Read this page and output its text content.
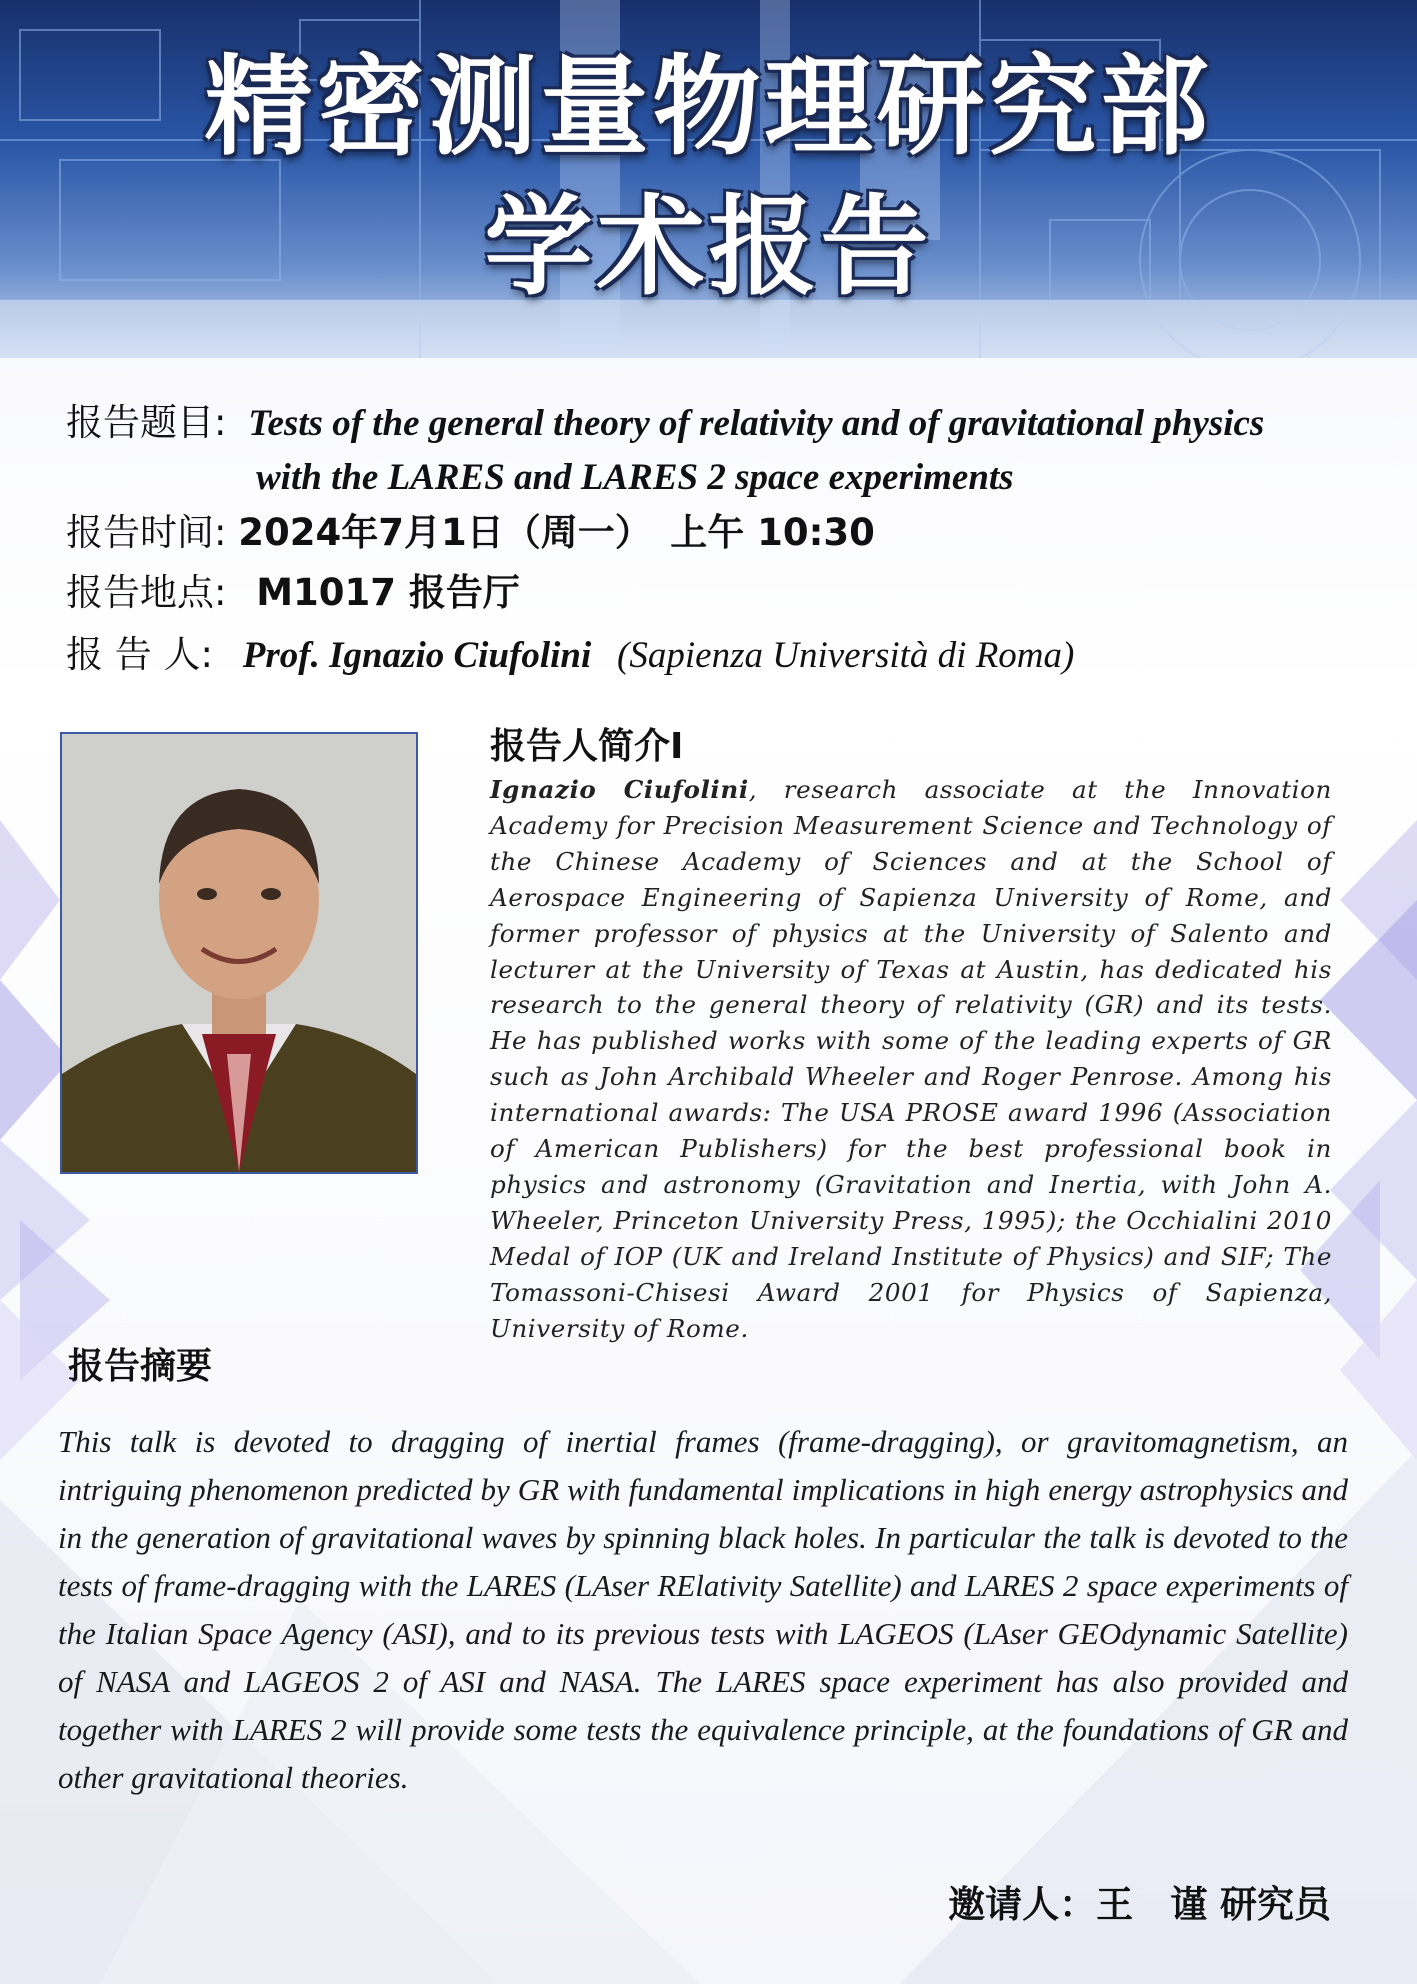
精密测量物理研究部
学术报告
报告题目: Tests of the general theory of relativity and of gravitational physics
with the LARES and LARES 2 space experiments
报告时间: 2024年7月1日（周一）　上午 10:30
报告地点: M1017 报告厅
报 告 人: Prof. Ignazio Ciufolini (Sapienza Università di Roma)
报告人简介I
Ignazio Ciufolini, research associate at the Innovation Academy for Precision Measurement Science and Technology of the Chinese Academy of Sciences and at the School of Aerospace Engineering of Sapienza University of Rome, and former professor of physics at the University of Salento and lecturer at the University of Texas at Austin, has dedicated his research to the general theory of relativity (GR) and its tests. He has published works with some of the leading experts of GR such as John Archibald Wheeler and Roger Penrose. Among his international awards: The USA PROSE award 1996 (Association of American Publishers) for the best professional book in physics and astronomy (Gravitation and Inertia, with John A. Wheeler, Princeton University Press, 1995); the Occhialini 2010 Medal of IOP (UK and Ireland Institute of Physics) and SIF; The Tomassoni-Chisesi Award 2001 for Physics of Sapienza, University of Rome.
报告摘要
This talk is devoted to dragging of inertial frames (frame-dragging), or gravitomagnetism, an intriguing phenomenon predicted by GR with fundamental implications in high energy astrophysics and in the generation of gravitational waves by spinning black holes. In particular the talk is devoted to the tests of frame-dragging with the LARES (LAser RElativity Satellite) and LARES 2 space experiments of the Italian Space Agency (ASI), and to its previous tests with LAGEOS (LAser GEOdynamic Satellite) of NASA and LAGEOS 2 of ASI and NASA. The LARES space experiment has also provided and together with LARES 2 will provide some tests the equivalence principle, at the foundations of GR and other gravitational theories.
邀请人：王　谨 研究员
